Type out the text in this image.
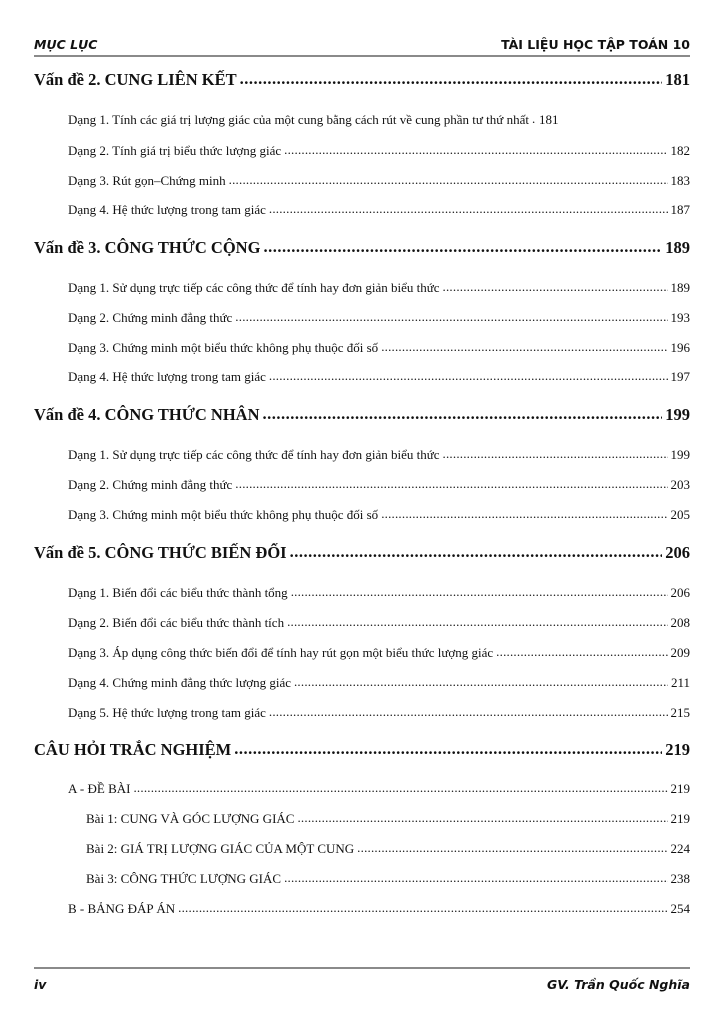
MỤC LỤC	TÀI LIỆU HỌC TẬP TOÁN 10
Vấn đề 2. CUNG LIÊN KẾT .....	181
Dạng 1. Tính các giá trị lượng giác của một cung bằng cách rút về cung phần tư thứ nhất ..... 181
Dạng 2. Tính giá trị biểu thức lượng giác .....	182
Dạng 3. Rút gọn–Chứng minh .....	183
Dạng 4. Hệ thức lượng trong tam giác .....	187
Vấn đề 3. CÔNG THỨC CỘNG .....	189
Dạng 1. Sử dụng trực tiếp các công thức để tính hay đơn giản biểu thức .....	189
Dạng 2. Chứng minh đẳng thức .....	193
Dạng 3. Chứng minh một biểu thức không phụ thuộc đối số .....	196
Dạng 4. Hệ thức lượng trong tam giác .....	197
Vấn đề 4. CÔNG THỨC NHÂN .....	199
Dạng 1. Sử dụng trực tiếp các công thức để tính hay đơn giản biểu thức .....	199
Dạng 2. Chứng minh đẳng thức .....	203
Dạng 3. Chứng minh một biểu thức không phụ thuộc đối số .....	205
Vấn đề 5. CÔNG THỨC BIẾN ĐỔI .....	206
Dạng 1. Biến đổi các biểu thức thành tổng .....	206
Dạng 2. Biến đổi các biểu thức thành tích .....	208
Dạng 3. Áp dụng công thức biến đổi để tính hay rút gọn một biểu thức lượng giác .....	209
Dạng 4. Chứng minh đẳng thức lượng giác .....	211
Dạng 5. Hệ thức lượng trong tam giác .....	215
CÂU HỎI TRẮC NGHIỆM .....	219
A - ĐỀ BÀI .....	219
Bài 1: CUNG VÀ GÓC LƯỢNG GIÁC .....	219
Bài 2: GIÁ TRỊ LƯỢNG GIÁC CỦA MỘT CUNG .....	224
Bài 3: CÔNG THỨC LƯỢNG GIÁC .....	238
B - BẢNG ĐÁP ÁN .....	254
iv	GV. Trần Quốc Nghĩa
